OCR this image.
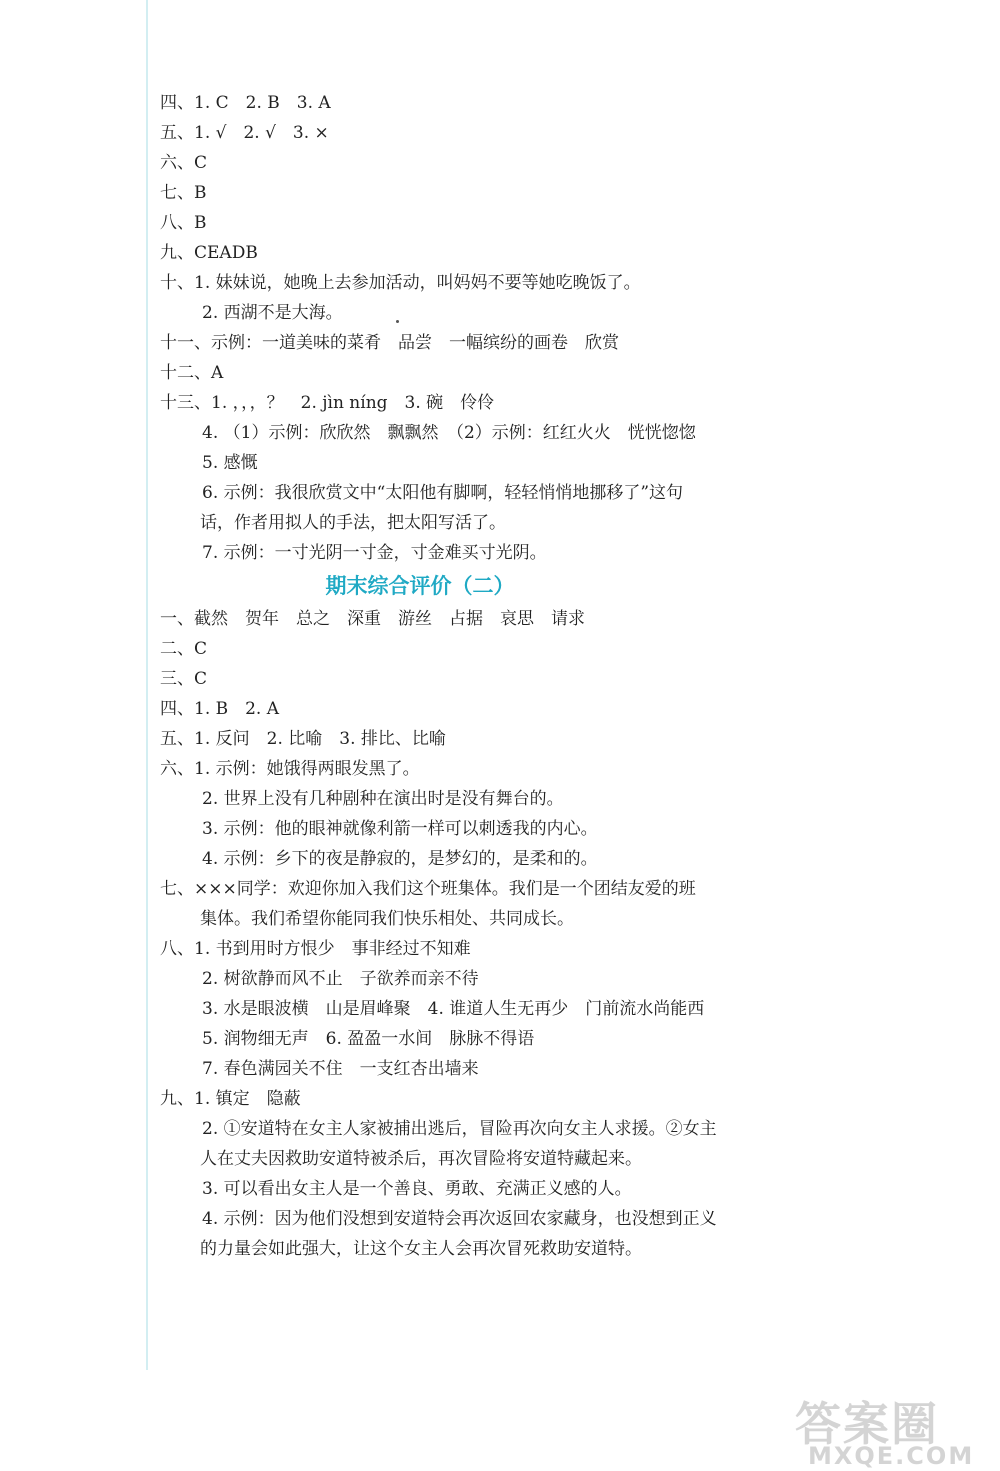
四、1. C　2. B　3. A
五、1. √　2. √　3. ×
六、C
七、B
八、B
九、CEADB
十、1. 妹妹说，她晚上去参加活动，叫妈妈不要等她吃晚饭了。
2. 西湖不是大海。
十一、示例：一道美味的菜肴　品尝　一幅缤纷的画卷　欣赏
十二、A
十三、1. ，，，？　2. jìn níng　3. 碗　伶伶
4. （1）示例：欣欣然　飘飘然　（2）示例：红红火火　恍恍惚惚
5. 感慨
6. 示例：我很欣赏文中“太阳他有脚啊，轻轻悄悄地挪移了”这句
话，作者用拟人的手法，把太阳写活了。
7. 示例：一寸光阴一寸金，寸金难买寸光阴。
期末综合评价（二）
一、截然　贺年　总之　深重　游丝　占据　哀思　请求
二、C
三、C
四、1. B　2. A
五、1. 反问　2. 比喻　3. 排比、比喻
六、1. 示例：她饿得两眼发黑了。
2. 世界上没有几种剧种在演出时是没有舞台的。
3. 示例：他的眼神就像利箭一样可以刺透我的内心。
4. 示例：乡下的夜是静寂的，是梦幻的，是柔和的。
七、×××同学：欢迎你加入我们这个班集体。我们是一个团结友爱的班
集体。我们希望你能同我们快乐相处、共同成长。
八、1. 书到用时方恨少　事非经过不知难
2. 树欲静而风不止　子欲养而亲不待
3. 水是眼波横　山是眉峰聚　4. 谁道人生无再少　门前流水尚能西
5. 润物细无声　6. 盈盈一水间　脉脉不得语
7. 春色满园关不住　一支红杏出墙来
九、1. 镇定　隐蔽
2. ①安道特在女主人家被捕出逃后，冒险再次向女主人求援。②女主
人在丈夫因救助安道特被杀后，再次冒险将安道特藏起来。
3. 可以看出女主人是一个善良、勇敢、充满正义感的人。
4. 示例：因为他们没想到安道特会再次返回农家藏身，也没想到正义
的力量会如此强大，让这个女主人会再次冒死救助安道特。
答案圈
MXQE.COM
